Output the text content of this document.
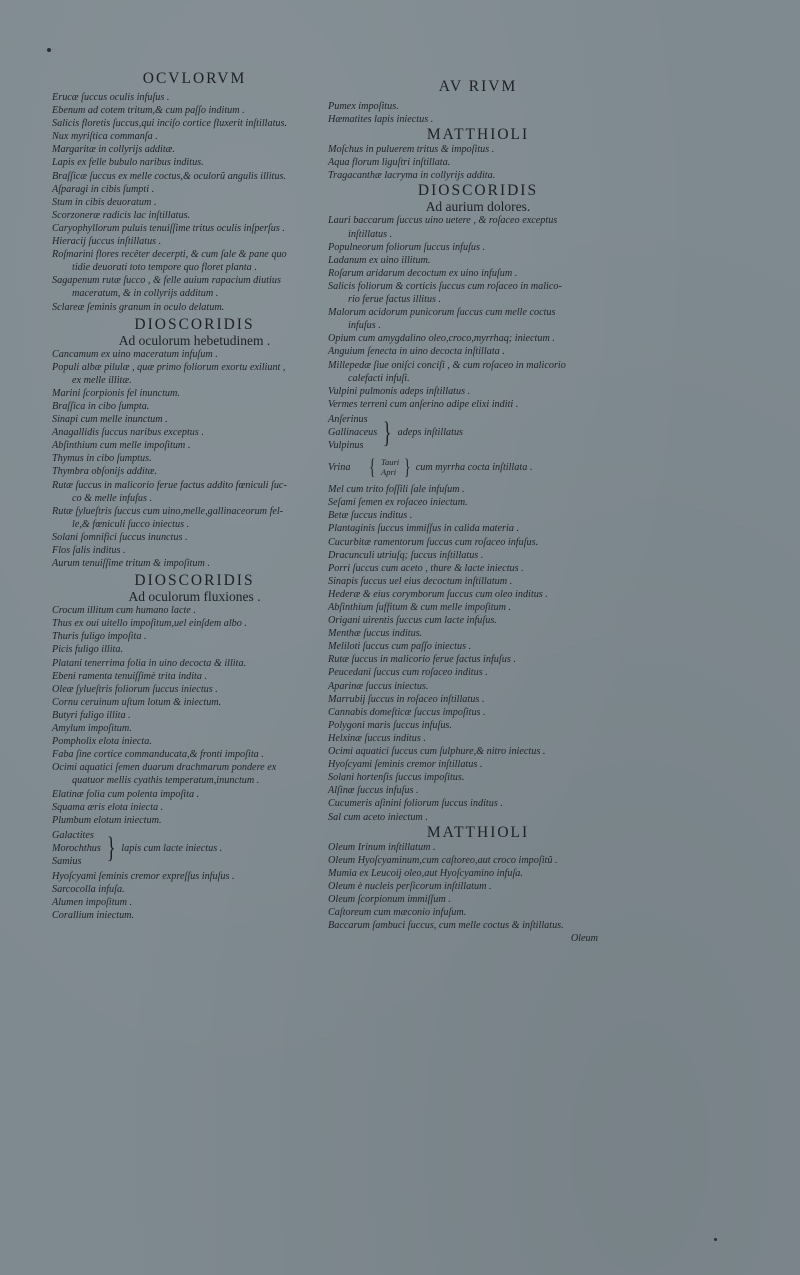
OCVLORVM
Erucæ ſuccus oculis infuſus .
Ebenum ad cotem tritum,& cum paſſo inditum .
Salicis floretis ſuccus,qui inciſo cortice fluxerit inſtillatus.
Nux myriſtica commanſa .
Margaritæ in collyrijs additæ.
Lapis ex felle bubulo naribus inditus.
Braſſicæ ſuccus ex melle coctus,& oculorũ angulis illitus.
Aſparagi in cibis ſumpti .
Stum in cibis deuoratum .
Scorzoneræ radicis lac inſtillatus.
Caryophyllorum puluis tenuiſſime tritus oculis inſperſus .
Hieracij ſuccus inſtillatus .
Roſmarini flores recêter decerpti, & cum ſale & pane quo
tidie deuorati toto tempore quo floret planta .
Sagapenum rutæ ſucco , & felle auium rapacium diutius
maceratum, & in collyrijs additum .
Sclareæ ſeminis granum in oculo delatum.
DIOSCORIDIS
Ad oculorum hebetudinem .
Cancamum ex uino maceratum infuſum .
Populi albæ pilulæ , quæ primo foliorum exortu exiliunt ,
ex melle illitæ.
Marini ſcorpionis fel inunctum.
Braſſica in cibo ſumpta.
Sinapi cum melle inunctum .
Anagallidis ſuccus naribus exceptus .
Abſinthium cum melle impoſitum .
Thymus in cibo ſumptus.
Thymbra obſonijs additæ.
Rutæ ſuccus in malicorio ferue factus addito fœniculi ſuc-
co & melle infuſus .
Rutæ ſylueſtris ſuccus cum uino,melle,gallinaceorum fel-
le,& fœniculi ſucco iniectus .
Solani ſomnifici ſuccus inunctus .
Flos ſalis inditus .
Aurum tenuiſſime tritum & impoſitum .
DIOSCORIDIS
Ad oculorum fluxiones .
Crocum illitum cum humano lacte .
Thus ex oui uitello impoſitum,uel einſdem albo .
Thuris fuligo impoſita .
Picis fuligo illita.
Platani tenerrima folia in uino decocta & illita.
Ebeni ramenta tenuiſſimè trita indita .
Oleæ ſylueſtris foliorum ſuccus iniectus .
Cornu ceruinum uſtum lotum & iniectum.
Butyri fuligo illita .
Amylum impoſitum.
Pompholix elota iniecta.
Faba ſine cortice commanducata,& fronti impoſita .
Ocimi aquatici ſemen duarum drachmarum pondere ex
quatuor mellis cyathis temperatum,inunctum .
Elatinæ folia cum polenta impoſita .
Squama æris elota iniecta .
Plumbum elotum iniectum.
Galactites
Morochthus
Samius } lapis cum lacte iniectus .
Hyoſcyami ſeminis cremor expreſſus infuſus .
Sarcocolla infuſa.
Alumen impoſitum .
Corallium iniectum.
AV RIVM
Pumex impoſitus.
Hæmatites lapis iniectus .
MATTHIOLI
Moſchus in puluerem tritus & impoſitus .
Aqua florum liguſtri inſtillata.
Tragacanthæ lacryma in collyrijs addita.
DIOSCORIDIS
Ad aurium dolores.
Lauri baccarum ſuccus uino uetere , & roſaceo exceptus
inſtillatus .
Populneorum foliorum ſuccus infuſus .
Ladanum ex uino illitum.
Roſarum aridarum decoctum ex uino infuſum .
Salicis foliorum & corticis ſuccus cum roſaceo in malico-
rio ferue factus illitus .
Malorum acidorum punicorum ſuccus cum melle coctus
infuſus .
Opium cum amygdalino oleo,croco,myrrhaq; iniectum .
Anguium ſenecta in uino decocta inſtillata .
Millepedæ ſiue oniſci conciſi , & cum roſaceo in malicorio
calefacti infuſi.
Vulpini pulmonis adeps inſtillatus .
Vermes terreni cum anſerino adipe elixi inditi .
Anſerinus
Gallinaceus
Vulpinus } adeps inſtillatus
Vrina { Tauri
Apri } cum myrrha cocta inſtillata .
Mel cum trito foſſili ſale infuſum .
Seſami ſemen ex roſaceo iniectum.
Betæ ſuccus inditus .
Plantaginis ſuccus immiſſus in calida materia .
Cucurbitæ ramentorum ſuccus cum roſaceo infuſus.
Dracunculi utriuſq; ſuccus inſtillatus .
Porri ſuccus cum aceto , thure & lacte iniectus .
Sinapis ſuccus uel eius decoctum inſtillatum .
Hederæ & eius corymborum ſuccus cum oleo inditus .
Abſinthium ſuffitum & cum melle impoſitum .
Origani uirentis ſuccus cum lacte infuſus.
Menthæ ſuccus inditus.
Meliloti ſuccus cum paſſo iniectus .
Rutæ ſuccus in malicorio ferue factus infuſus .
Peucedani ſuccus cum roſaceo inditus .
Aparinæ ſuccus iniectus.
Marrubij ſuccus in roſaceo inſtillatus .
Cannabis domeſticæ ſuccus impoſitus .
Polygoni maris ſuccus infuſus.
Helxinæ ſuccus inditus .
Ocimi aquatici ſuccus cum ſulphure,& nitro iniectus .
Hyoſcyami ſeminis cremor inſtillatus .
Solani hortenſis ſuccus impoſitus.
Alſinæ ſuccus infuſus .
Cucumeris aſinini foliorum ſuccus inditus .
Sal cum aceto iniectum .
MATTHIOLI
Oleum Irinum inſtillatum .
Oleum Hyoſcyaminum,cum caſtoreo,aut croco impoſitũ .
Mumia ex Leucoij oleo,aut Hyoſcyamino infuſa.
Oleum è nucleis perſicorum inſtillatum .
Oleum ſcorpionum immiſſum .
Caſtoreum cum mæconio infuſum.
Baccarum ſambuci ſuccus, cum melle coctus & inſtillatus.
Oleum
